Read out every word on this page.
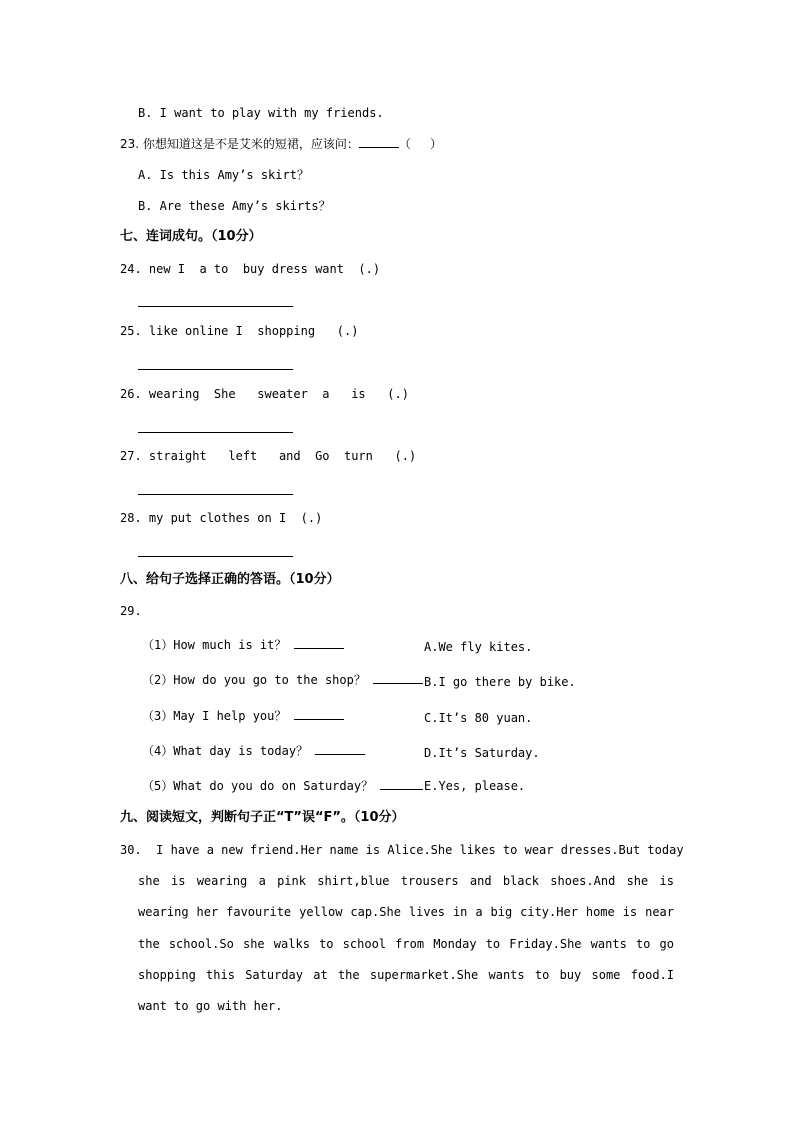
B. I want to play with my friends.
23. 你想知道这是不是艾米的短裙，应该问：	（     ）
A. Is this Amy’s skirt？
B. Are these Amy’s skirts？
七、连词成句。（10分）
24. new I  a to  buy dress want  (.)
25. like online I  shopping   (.)
26. wearing  She   sweater  a   is   (.)
27. straight   left   and  Go  turn   (.)
28. my put clothes on I  (.)
八、给句子选择正确的答语。（10分）
29.
（1）How much is it？	A.We fly kites.
（2）How do you go to the shop？	B.I go there by bike.
（3）May I help you？	C.It’s 80 yuan.
（4）What day is today？	D.It’s Saturday.
（5）What do you do on Saturday？	E.Yes, please.
九、阅读短文，判断句子正“T”误“F”。（10分）
30. I have a new friend.Her name is Alice.She likes to wear dresses.But today
she is wearing a pink shirt,blue trousers and black shoes.And she is wearing her favourite yellow cap.She lives in a big city.Her home is near the school.So she walks to school from Monday to Friday.She wants to go shopping this Saturday at the supermarket.She wants to buy some food.I want to go with her.
